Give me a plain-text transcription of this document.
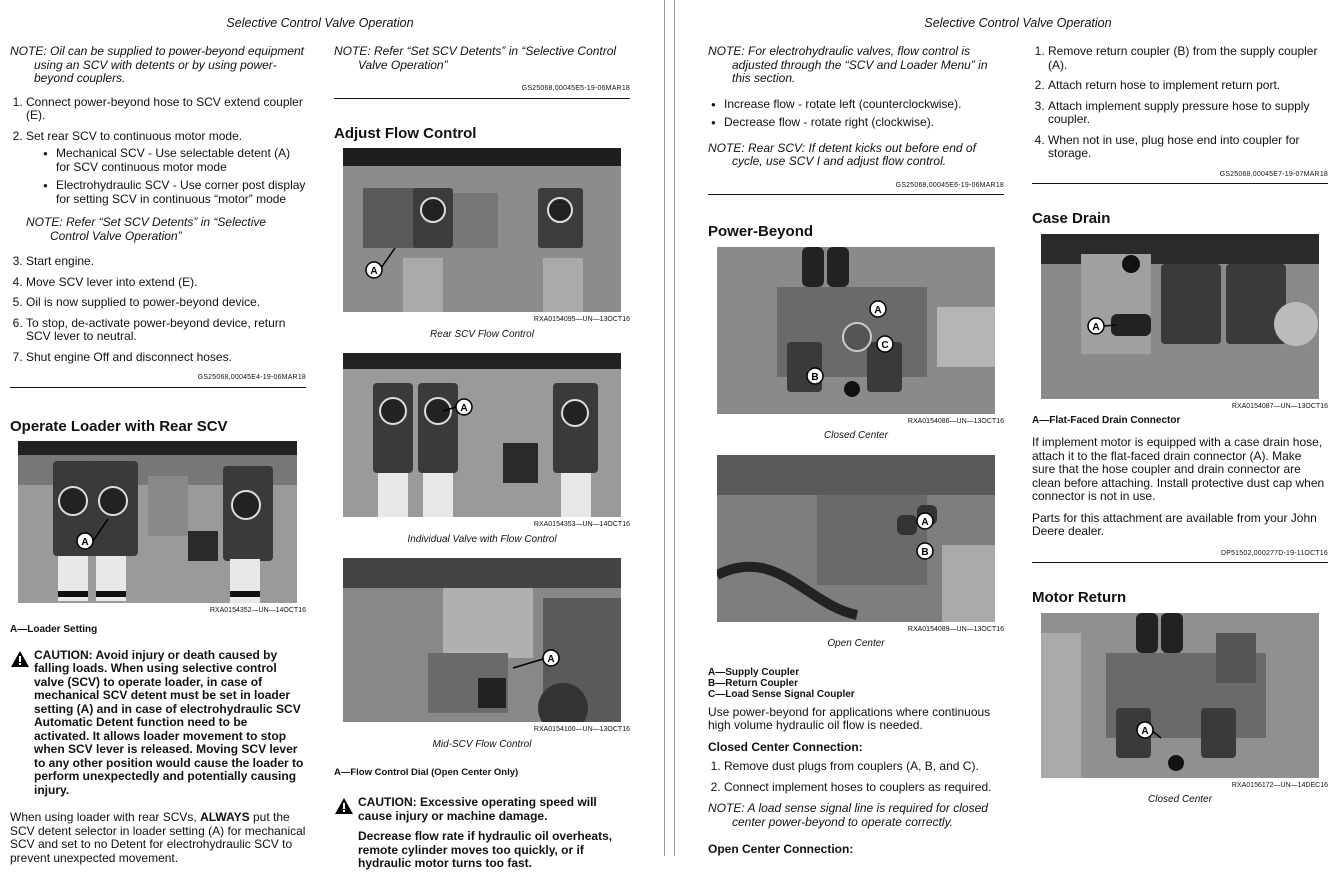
Selective Control Valve Operation

NOTE: Oil can be supplied to power-beyond equipment using an SCV with detents or by using power-beyond couplers.

1. Connect power-beyond hose to SCV extend coupler (E).
2. Set rear SCV to continuous motor mode.
● Mechanical SCV - Use selectable detent (A) for SCV continuous motor mode
● Electrohydraulic SCV - Use corner post display for setting SCV in continuous “motor” mode

NOTE: Refer “Set SCV Detents” in “Selective Control Valve Operation”

3. Start engine.
4. Move SCV lever into extend (E).
5. Oil is now supplied to power-beyond device.
6. To stop, de-activate power-beyond device, return SCV lever to neutral.
7. Shut engine Off and disconnect hoses.
GS25068,00045E4-19-06MAR18
Operate Loader with Rear SCV
A
RXA0154352—UN—14OCT16
A—Loader Setting
CAUTION: Avoid injury or death caused by falling loads. When using selective control valve (SCV) to operate loader, in case of mechanical SCV detent must be set in loader setting (A) and in case of electrohydraulic SCV Automatic Detent function need to be activated. It allows loader movement to stop when SCV lever is released. Moving SCV lever to any other position would cause the loader to perform unexpectedly and potentially causing injury.

When using loader with rear SCVs, ALWAYS put the SCV detent selector in loader setting (A) for mechanical SCV and set to no Detent for electrohydraulic SCV to prevent unexpected movement.

NOTE: Refer “Set SCV Detents” in “Selective Control Valve Operation”

GS25068,00045E5-19-06MAR18
Adjust Flow Control
A
RXA0154095—UN—13OCT16
Rear SCV Flow Control
A
RXA0154353—UN—14OCT16
Individual Valve with Flow Control
A
RXA0154100—UN—13OCT16
Mid-SCV Flow Control
A—Flow Control Dial (Open Center Only)
CAUTION: Excessive operating speed will cause injury or machine damage.
Decrease flow rate if hydraulic oil overheats, remote cylinder moves too quickly, or if hydraulic motor turns too fast.
Selective Control Valve Operation

NOTE: For electrohydraulic valves, flow control is adjusted through the “SCV and Loader Menu” in this section.

● Increase flow - rotate left (counterclockwise).
● Decrease flow - rotate right (clockwise).

NOTE: Rear SCV: If detent kicks out before end of cycle, use SCV I and adjust flow control.

GS25068,00045E6-19-06MAR18
Power-Beyond
A
C
B
RXA0154086—UN—13OCT16
Closed Center
A
B
RXA0154089—UN—13OCT16
Open Center
A—Supply Coupler
B—Return Coupler
C—Load Sense Signal Coupler

Use power-beyond for applications where continuous high volume hydraulic oil flow is needed.

Closed Center Connection:

1. Remove dust plugs from couplers (A, B, and C).
2. Connect implement hoses to couplers as required.

NOTE: A load sense signal line is required for closed center power-beyond to operate correctly.

Open Center Connection:

1. Remove return coupler (B) from the supply coupler (A).
2. Attach return hose to implement return port.
3. Attach implement supply pressure hose to supply coupler.
4. When not in use, plug hose end into coupler for storage.
GS25068,00045E7-19-07MAR18
Case Drain
A
RXA0154087—UN—13OCT16
A—Flat-Faced Drain Connector

If implement motor is equipped with a case drain hose, attach it to the flat-faced drain connector (A). Make sure that the hose coupler and drain connector are clean before attaching. Install protective dust cap when connector is not in use.

Parts for this attachment are available from your John Deere dealer.

DP51502,000277D-19-11OCT16
Motor Return
A
RXA0156172—UN—14DEC16
Closed Center
